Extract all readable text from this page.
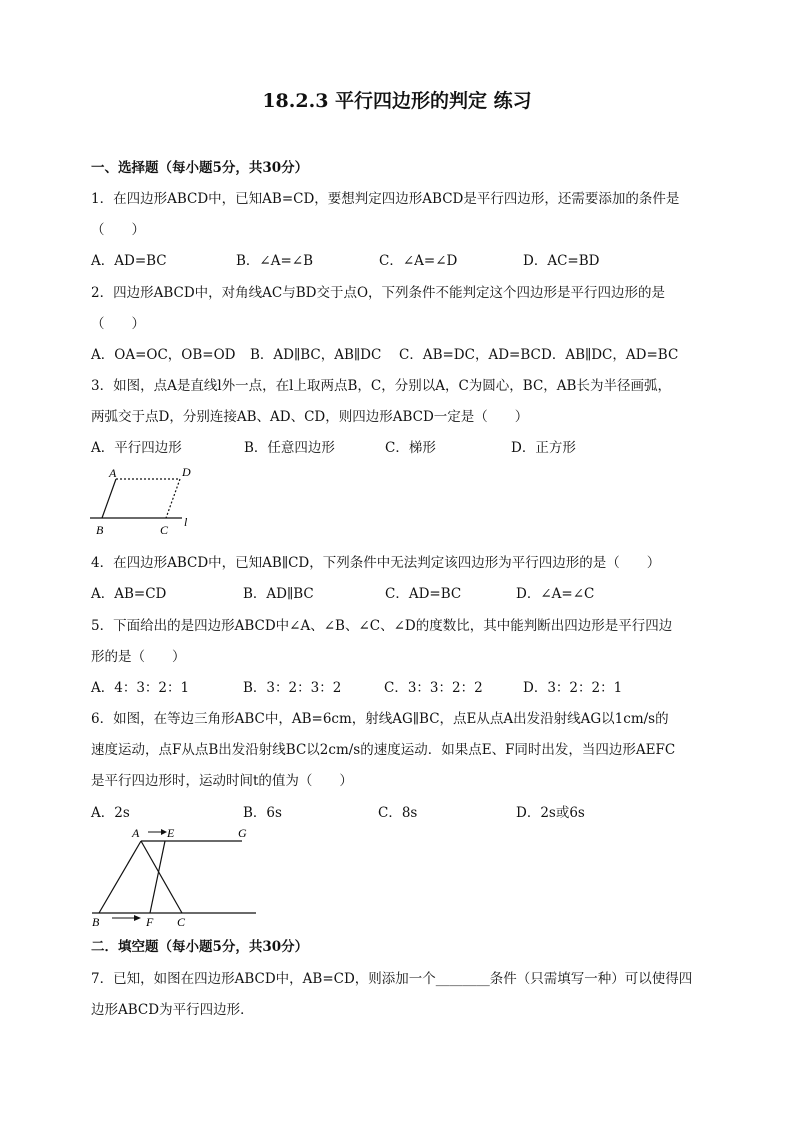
18.2.3 平行四边形的判定 练习
一、选择题（每小题5分，共30分）
1．在四边形ABCD中，已知AB=CD，要想判定四边形ABCD是平行四边形，还需要添加的条件是
（　　）
A．AD=BC	B．∠A=∠B	C．∠A=∠D	D．AC=BD
2．四边形ABCD中，对角线AC与BD交于点O，下列条件不能判定这个四边形是平行四边形的是
（　　）
A．OA=OC，OB=OD B．AD∥BC，AB∥DC C．AB=DC，AD=BC D．AB∥DC，AD=BC
3．如图，点A是直线l外一点，在l上取两点B，C，分别以A，C为圆心，BC，AB长为半径画弧，
两弧交于点D，分别连接AB、AD、CD，则四边形ABCD一定是（　　）
A．平行四边形	B．任意四边形	C．梯形	D．正方形
A	D
B	C
l
4．在四边形ABCD中，已知AB∥CD，下列条件中无法判定该四边形为平行四边形的是（　　）
A．AB=CD	B．AD∥BC	C．AD=BC	D．∠A=∠C
5．下面给出的是四边形ABCD中∠A、∠B、∠C、∠D的度数比，其中能判断出四边形是平行四边
形的是（　　）
A．4：3：2：1	B．3：2：3：2	C．3：3：2：2	D．3：2：2：1
6．如图，在等边三角形ABC中，AB=6cm，射线AG∥BC，点E从点A出发沿射线AG以1cm/s的
速度运动，点F从点B出发沿射线BC以2cm/s的速度运动．如果点E、F同时出发，当四边形AEFC
是平行四边形时，运动时间t的值为（　　）
A．2s	B．6s	C．8s	D．2s或6s
A E	G
B	F C
二．填空题（每小题5分，共30分）
7．已知，如图在四边形ABCD中，AB=CD，则添加一个________条件（只需填写一种）可以使得四
边形ABCD为平行四边形．
